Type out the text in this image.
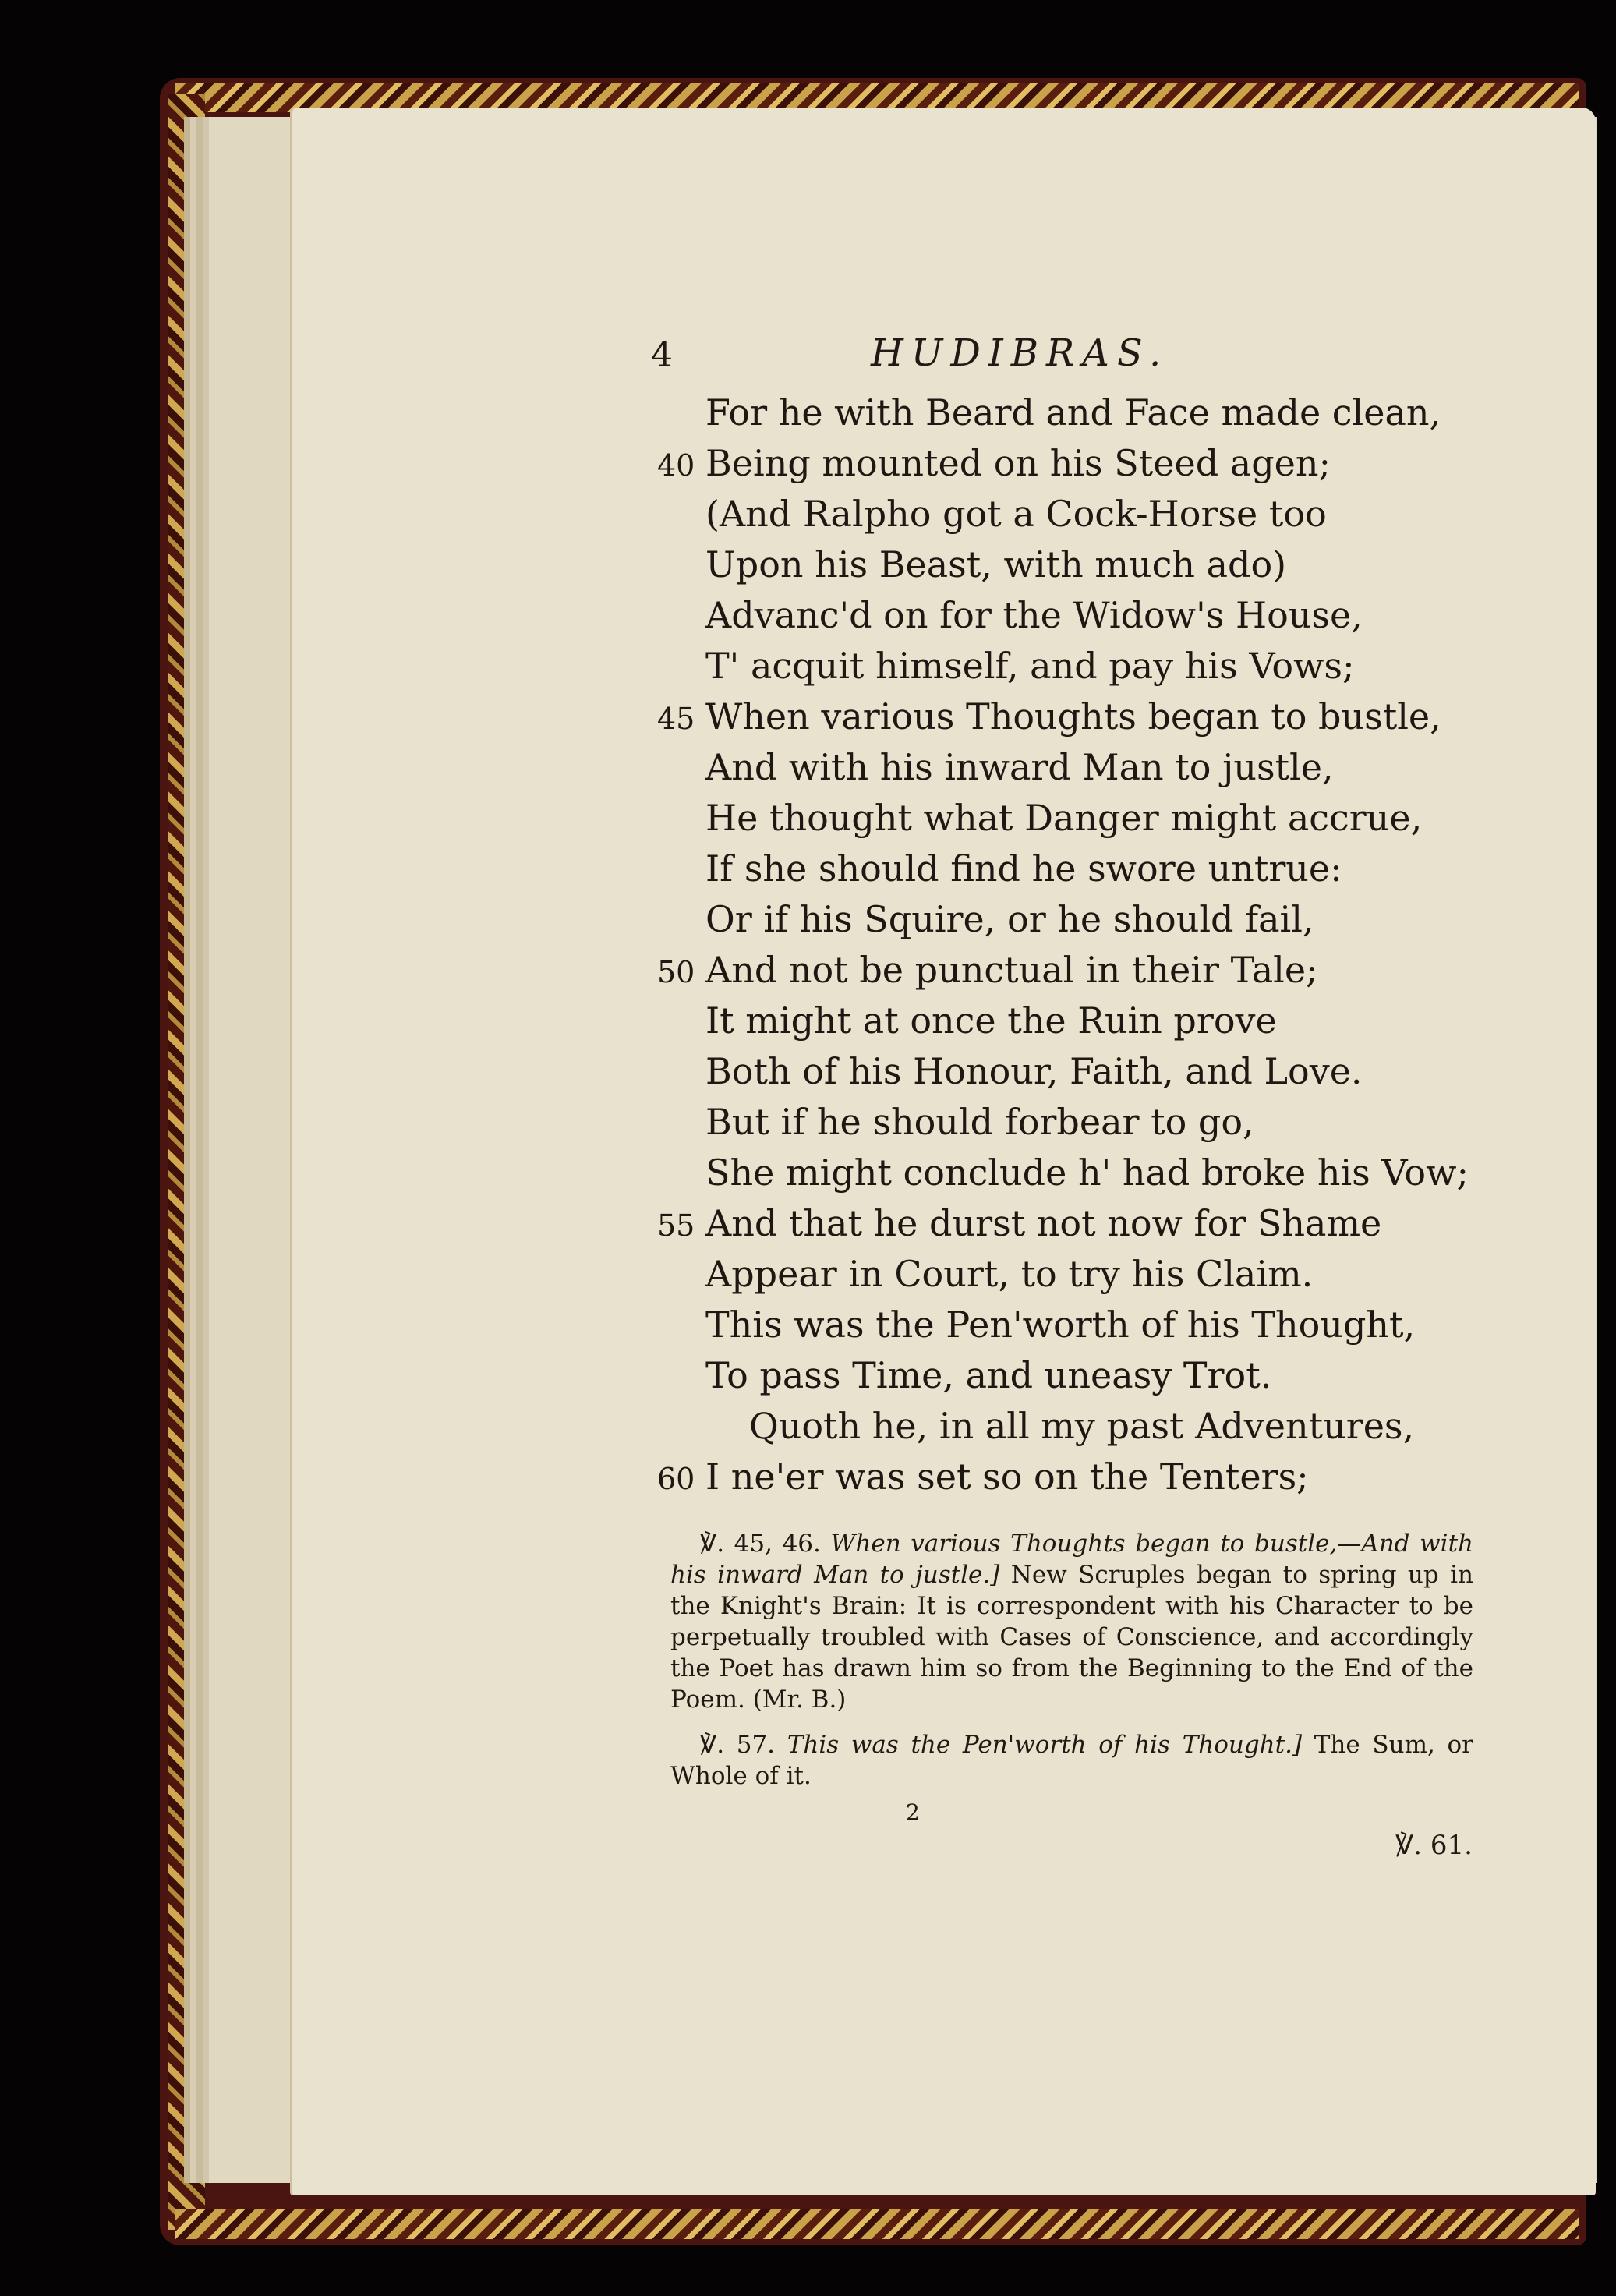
4	HUDIBRAS.
For he with Beard and Face made clean,
40 Being mounted on his Steed agen;
(And Ralpho got a Cock-Horse too
Upon his Beast, with much ado)
Advanc'd on for the Widow's House,
T' acquit himself, and pay his Vows;
45 When various Thoughts began to bustle,
And with his inward Man to justle,
He thought what Danger might accrue,
If she should find he swore untrue:
Or if his Squire, or he should fail,
50 And not be punctual in their Tale;
It might at once the Ruin prove
Both of his Honour, Faith, and Love.
But if he should forbear to go,
She might conclude h' had broke his Vow;
55 And that he durst not now for Shame
Appear in Court, to try his Claim.
This was the Pen'worth of his Thought,
To pass Time, and uneasy Trot.
Quoth he, in all my past Adventures,
60 I ne'er was set so on the Tenters;

℣. 45, 46. When various Thoughts began to bustle,—And with his inward Man to justle.] New Scruples began to spring up in the Knight's Brain: It is correspondent with his Character to be perpetually troubled with Cases of Conscience, and accordingly the Poet has drawn him so from the Beginning to the End of the Poem. (Mr. B.)

℣. 57. This was the Pen'worth of his Thought.] The Sum, or Whole of it.

2
℣. 61.
